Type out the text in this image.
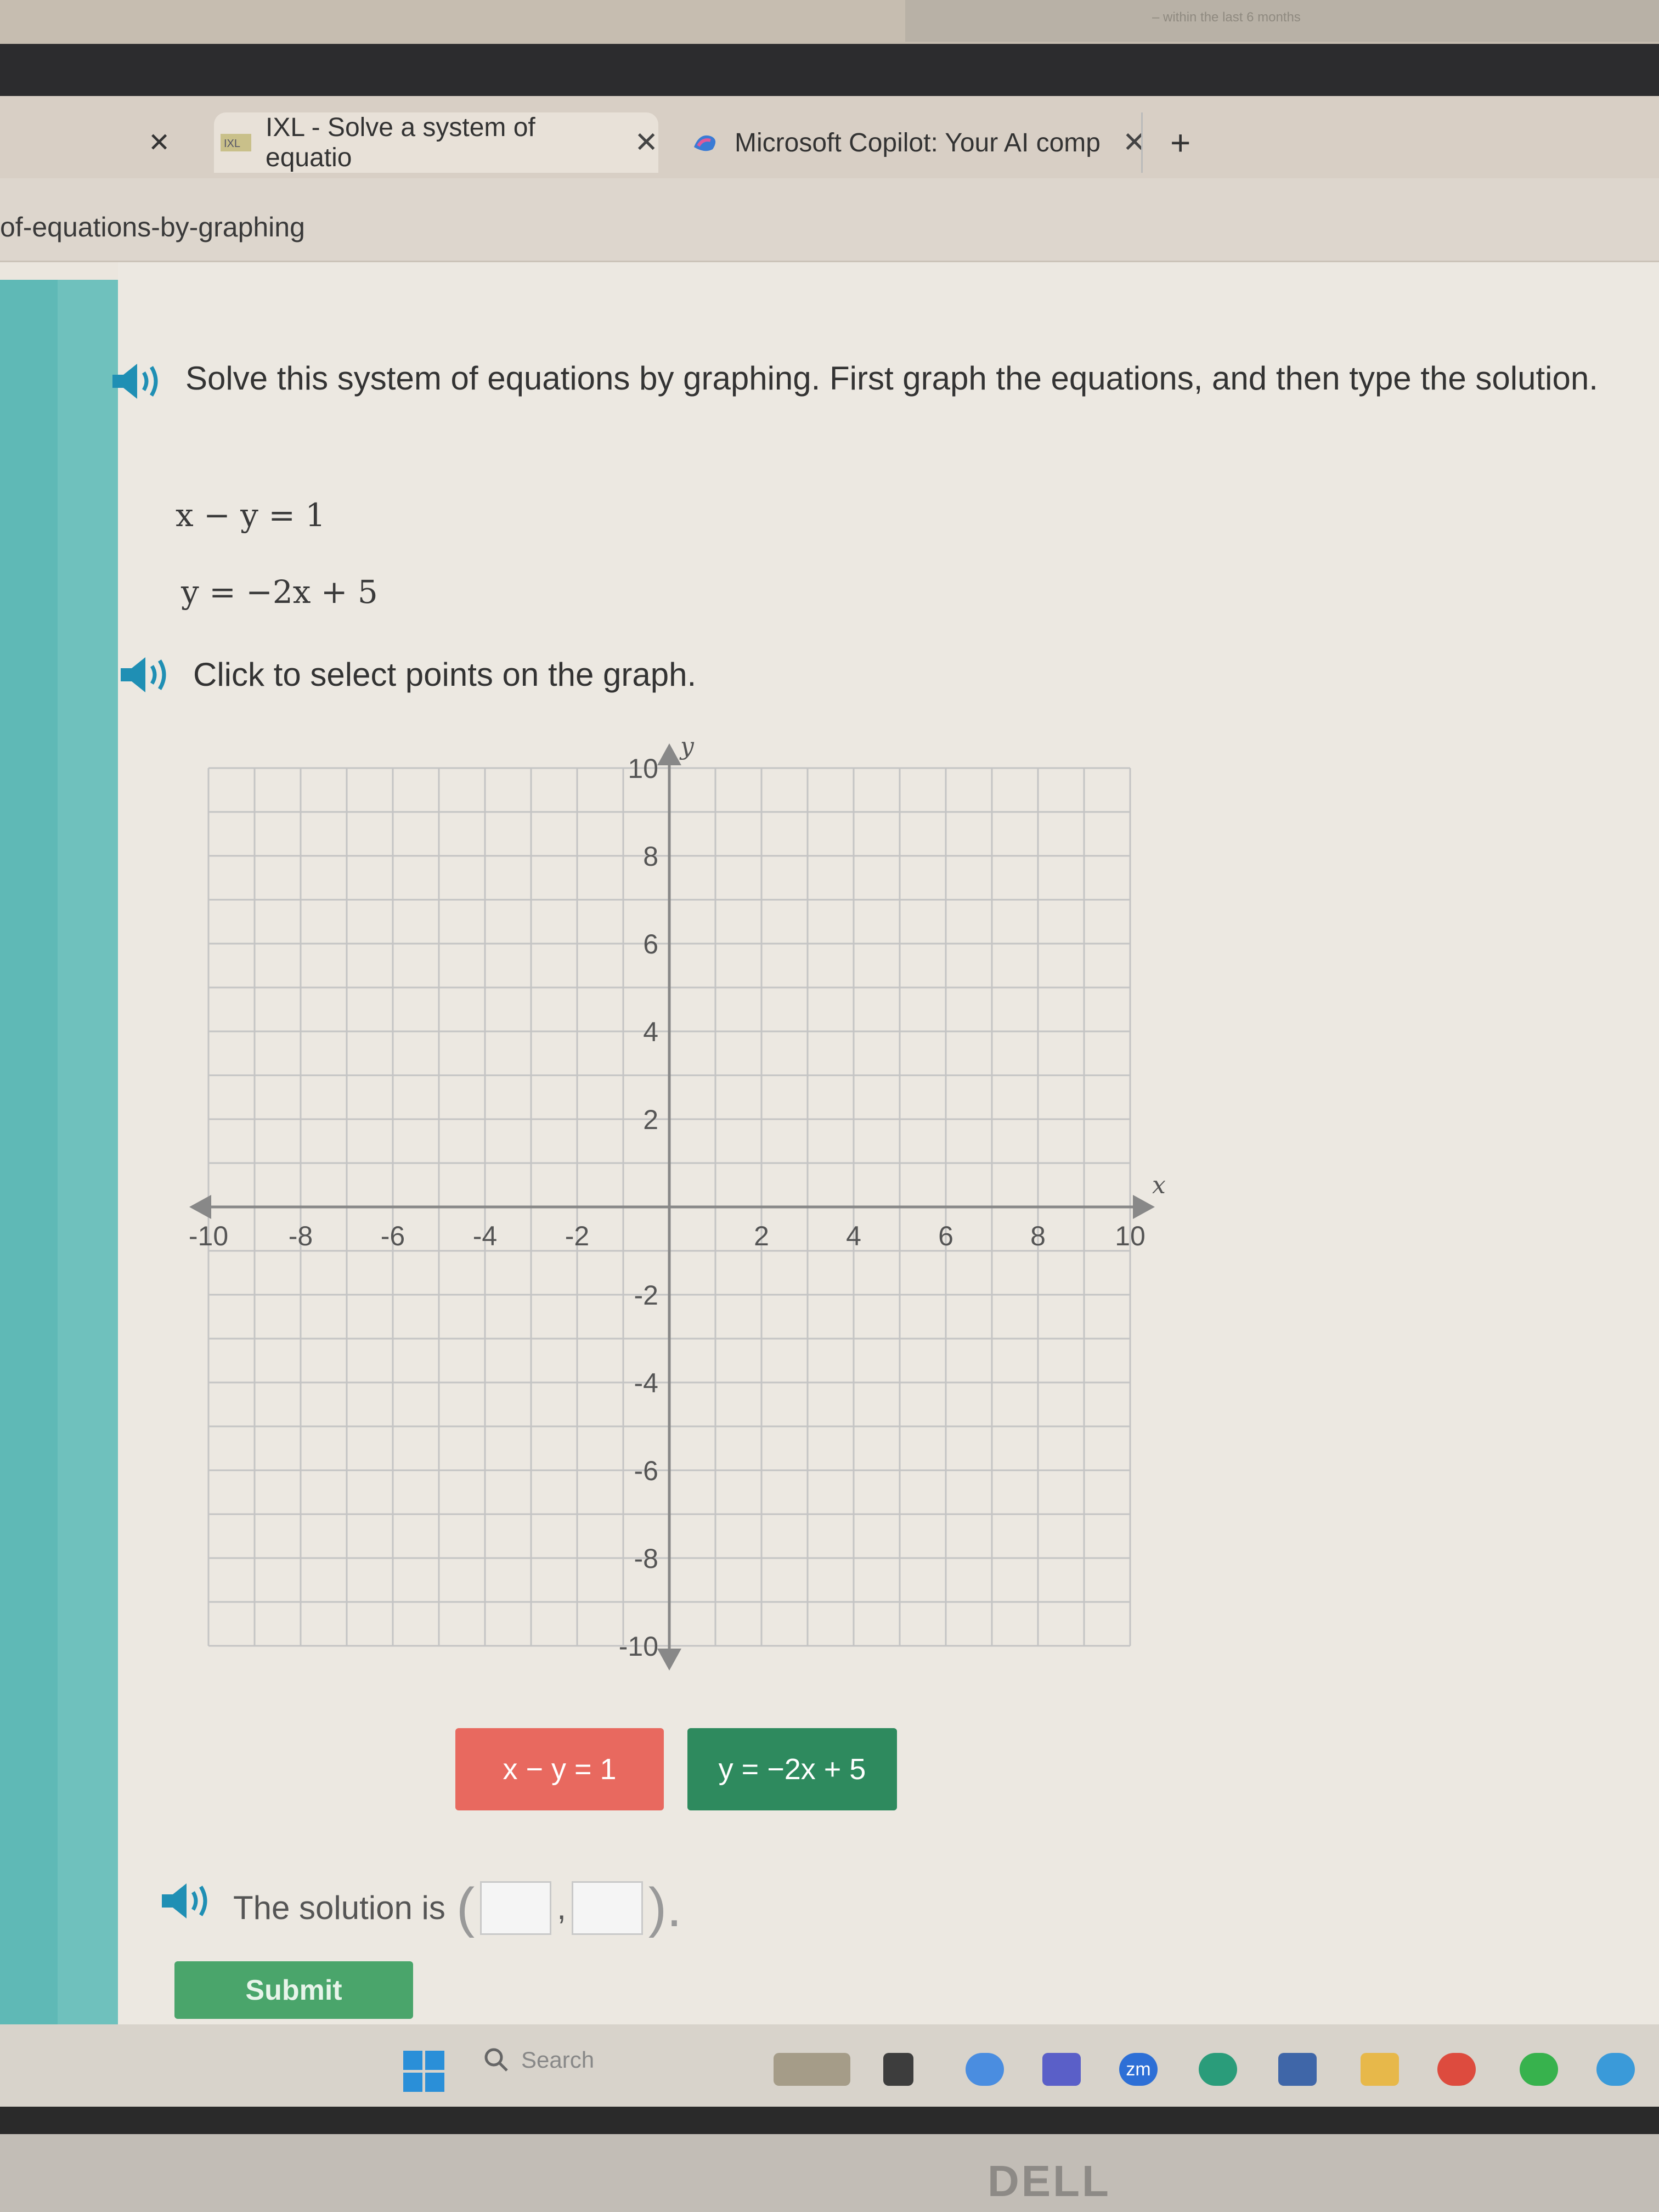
– within the last 6 months
✕	IXL
IXL - Solve a system of equatio	✕	Microsoft Copilot: Your AI comp ✕ +
of-equations-by-graphing
Solve this system of equations by graphing. First graph the equations, and then type the solution.
x − y = 1
y = −2x + 5
Click to select points on the graph.
x
y
-10 -8 -6 -4 -2	2	4	6	8	10
10
8
6
4
2
-2
-4
-6
-8
-10
x − y = 1	y = −2x + 5
The solution is (	, ).
Submit
Search	zm
DELL
